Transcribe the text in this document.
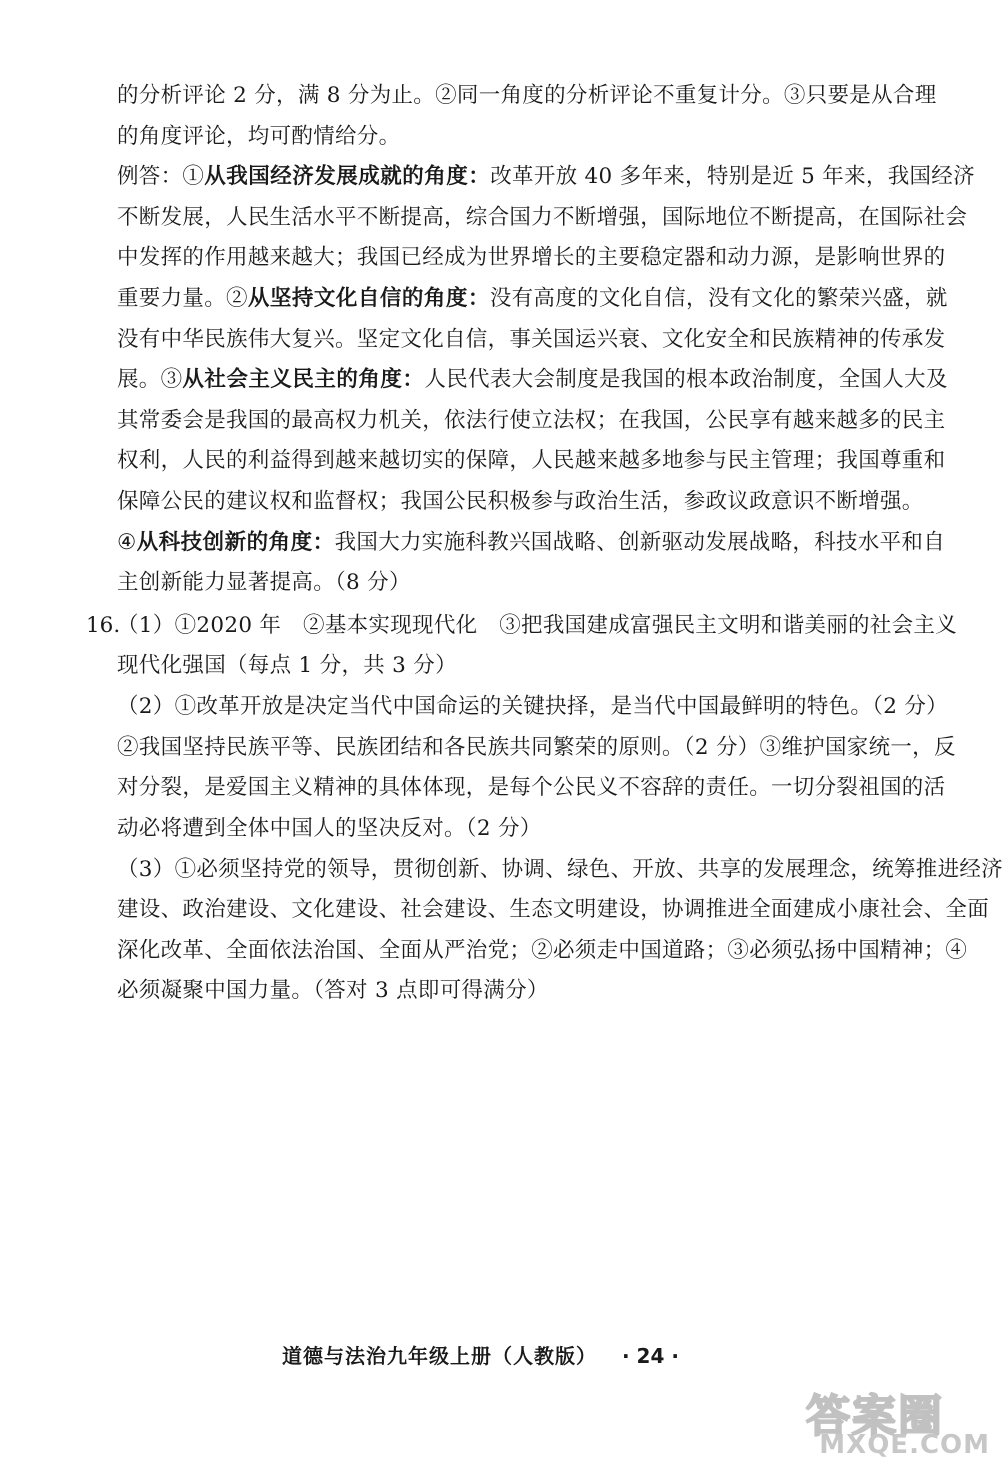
的分析评论 2 分，满 8 分为止。②同一角度的分析评论不重复计分。③只要是从合理
的角度评论，均可酌情给分。
例答：①从我国经济发展成就的角度：改革开放 40 多年来，特别是近 5 年来，我国经济
不断发展，人民生活水平不断提高，综合国力不断增强，国际地位不断提高，在国际社会
中发挥的作用越来越大；我国已经成为世界增长的主要稳定器和动力源，是影响世界的
重要力量。②从坚持文化自信的角度：没有高度的文化自信，没有文化的繁荣兴盛，就
没有中华民族伟大复兴。坚定文化自信，事关国运兴衰、文化安全和民族精神的传承发
展。③从社会主义民主的角度：人民代表大会制度是我国的根本政治制度，全国人大及
其常委会是我国的最高权力机关，依法行使立法权；在我国，公民享有越来越多的民主
权利，人民的利益得到越来越切实的保障，人民越来越多地参与民主管理；我国尊重和
保障公民的建议权和监督权；我国公民积极参与政治生活，参政议政意识不断增强。
④从科技创新的角度：我国大力实施科教兴国战略、创新驱动发展战略，科技水平和自
主创新能力显著提高。（8 分）
（1）①2020 年　②基本实现现代化　③把我国建成富强民主文明和谐美丽的社会主义
现代化强国（每点 1 分，共 3 分）
（2）①改革开放是决定当代中国命运的关键抉择，是当代中国最鲜明的特色。（2 分）
②我国坚持民族平等、民族团结和各民族共同繁荣的原则。（2 分）③维护国家统一，反
对分裂，是爱国主义精神的具体体现，是每个公民义不容辞的责任。一切分裂祖国的活
动必将遭到全体中国人的坚决反对。（2 分）
（3）①必须坚持党的领导，贯彻创新、协调、绿色、开放、共享的发展理念，统筹推进经济
建设、政治建设、文化建设、社会建设、生态文明建设，协调推进全面建成小康社会、全面
深化改革、全面依法治国、全面从严治党；②必须走中国道路；③必须弘扬中国精神；④
必须凝聚中国力量。（答对 3 点即可得满分）
16.
道德与法治九年级上册（人教版） · 24 ·
答案圈
MXQE.COM
